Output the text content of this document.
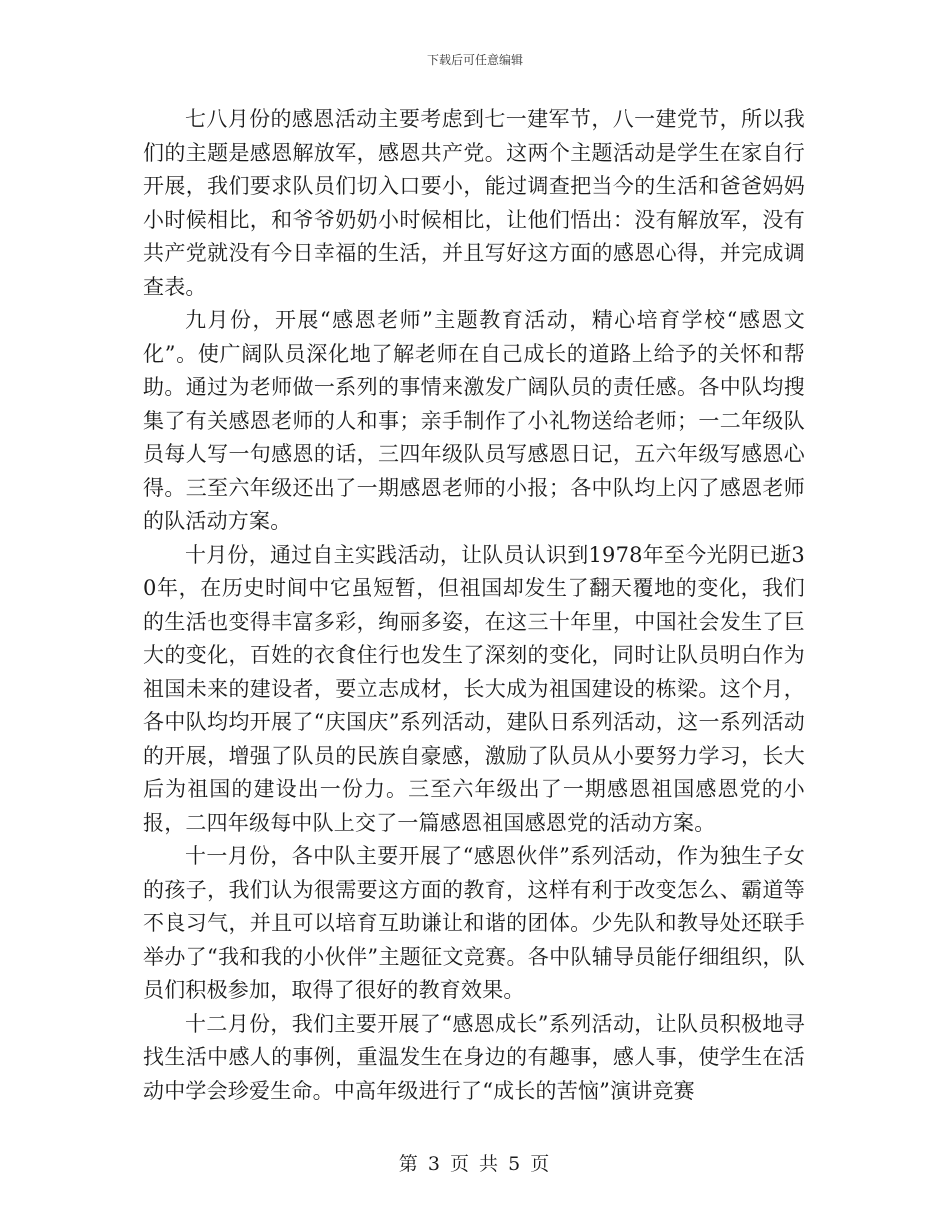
下载后可任意编辑

七八月份的感恩活动主要考虑到七一建军节，八一建党节，所以我们的主题是感恩解放军，感恩共产党。这两个主题活动是学生在家自行开展，我们要求队员们切入口要小，能过调查把当今的生活和爸爸妈妈小时候相比，和爷爷奶奶小时候相比，让他们悟出：没有解放军，没有共产党就没有今日幸福的生活，并且写好这方面的感恩心得，并完成调查表。

九月份，开展“感恩老师”主题教育活动，精心培育学校“感恩文化”。使广阔队员深化地了解老师在自己成长的道路上给予的关怀和帮助。通过为老师做一系列的事情来激发广阔队员的责任感。各中队均搜集了有关感恩老师的人和事；亲手制作了小礼物送给老师；一二年级队员每人写一句感恩的话，三四年级队员写感恩日记，五六年级写感恩心得。三至六年级还出了一期感恩老师的小报；各中队均上闪了感恩老师的队活动方案。

十月份，通过自主实践活动，让队员认识到1978年至今光阴已逝30年，在历史时间中它虽短暂，但祖国却发生了翻天覆地的变化，我们的生活也变得丰富多彩，绚丽多姿，在这三十年里，中国社会发生了巨大的变化，百姓的衣食住行也发生了深刻的变化，同时让队员明白作为祖国未来的建设者，要立志成材，长大成为祖国建设的栋梁。这个月，各中队均均开展了“庆国庆”系列活动，建队日系列活动，这一系列活动的开展，增强了队员的民族自豪感，激励了队员从小要努力学习，长大后为祖国的建设出一份力。三至六年级出了一期感恩祖国感恩党的小报，二四年级每中队上交了一篇感恩祖国感恩党的活动方案。

十一月份，各中队主要开展了“感恩伙伴”系列活动，作为独生子女的孩子，我们认为很需要这方面的教育，这样有利于改变怎么、霸道等不良习气，并且可以培育互助谦让和谐的团体。少先队和教导处还联手举办了“我和我的小伙伴”主题征文竞赛。各中队辅导员能仔细组织，队员们积极参加，取得了很好的教育效果。

十二月份，我们主要开展了“感恩成长”系列活动，让队员积极地寻找生活中感人的事例，重温发生在身边的有趣事，感人事，使学生在活动中学会珍爱生命。中高年级进行了“成长的苦恼”演讲竞赛

第 3 页 共 5 页
